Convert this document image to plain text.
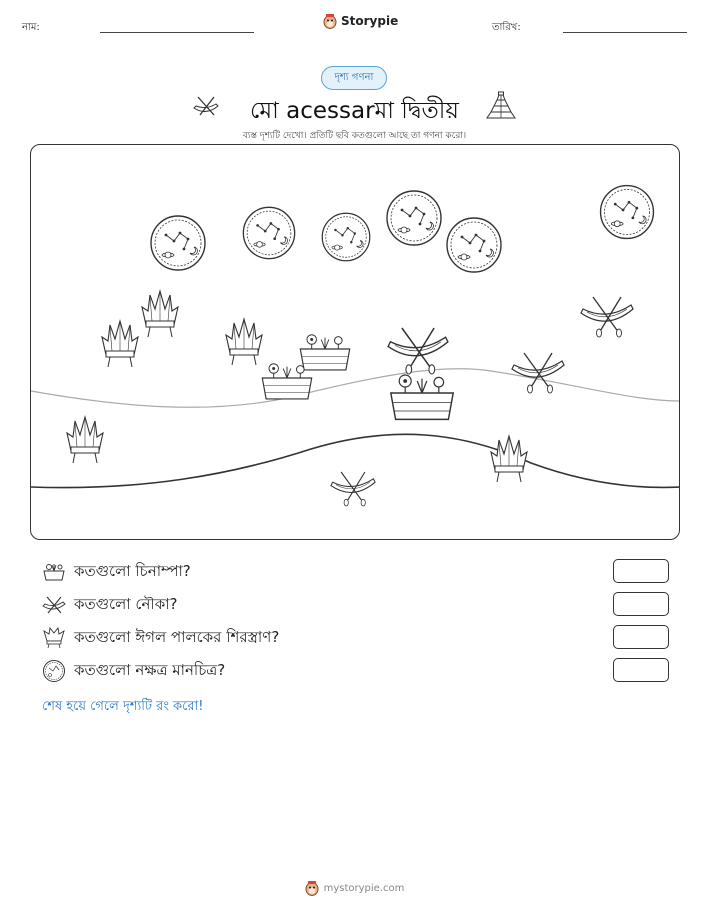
নাম:	Storypie	তারিখ:
দৃশ্য গণনা
মো acessarমা দ্বিতীয়
ব্যস্ত দৃশ্যটি দেখো। প্রতিটি ছবি কতগুলো আছে তা গণনা করো।
কতগুলো চিনাম্পা?
কতগুলো নৌকা?
কতগুলো ঈগল পালকের শিরস্ত্রাণ?
কতগুলো নক্ষত্র মানচিত্র?
শেষ হয়ে গেলে দৃশ্যটি রং করো!
mystorypie.com
